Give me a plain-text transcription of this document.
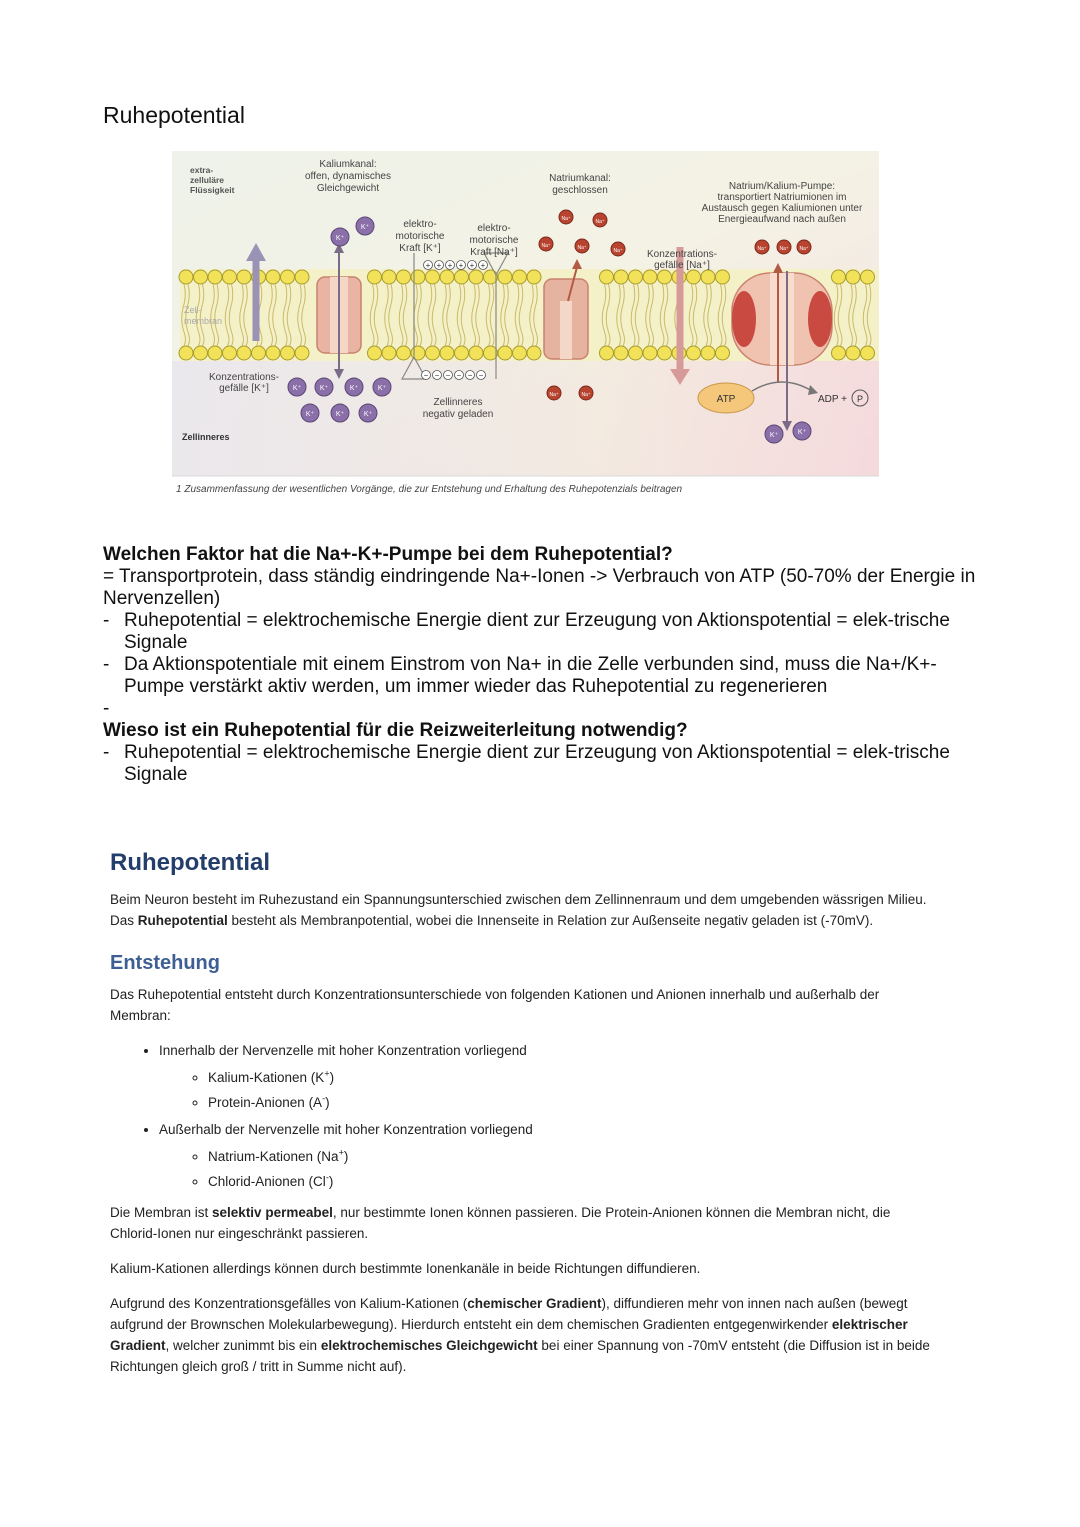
Ruhepotential
+ + + + + +
− − − − − −
K⁺
K⁺
K⁺	K⁺	K⁺	K⁺
K⁺	K⁺	K⁺
K⁺	K⁺
Na⁺	Na⁺
Na⁺	Na⁺	Na⁺
Na⁺	Na⁺
Na⁺	Na⁺ Na⁺
ATP	ADP + P
extra-
zelluläre
Flüssigkeit
Kaliumkanal:
offen, dynamisches
Gleichgewicht
elektro-
motorische
Kraft [K⁺]
elektro-
motorische
Kraft [Na⁺]
Natriumkanal:
geschlossen	Natrium/Kalium-Pumpe:
transportiert Natriumionen im
Austausch gegen Kaliumionen unter
Energieaufwand nach außen
Konzentrations-
gefälle [Na⁺]
Zell-
membran
Konzentrations-
gefälle [K⁺]
Zellinneres
negativ geladen
Zellinneres
1 Zusammenfassung der wesentlichen Vorgänge, die zur Entstehung und Erhaltung des Ruhepotenzials beitragen
Welchen Faktor hat die Na+-K+-Pumpe bei dem Ruhepotential?
= Transportprotein, dass ständig eindringende Na+-Ionen -> Verbrauch von ATP (50-70% der Energie in Nervenzellen)
- Ruhepotential = elektrochemische Energie dient zur Erzeugung von Aktionspotential = elek-trische Signale
- Da Aktionspotentiale mit einem Einstrom von Na+ in die Zelle verbunden sind, muss die Na+/K+-Pumpe verstärkt aktiv werden, um immer wieder das Ruhepotential zu regenerieren
-
Wieso ist ein Ruhepotential für die Reizweiterleitung notwendig?
- Ruhepotential = elektrochemische Energie dient zur Erzeugung von Aktionspotential = elek-trische Signale
Ruhepotential

Beim Neuron besteht im Ruhezustand ein Spannungsunterschied zwischen dem Zellinnenraum und dem umgebenden wässrigen Milieu. Das Ruhepotential besteht als Membranpotential, wobei die Innenseite in Relation zur Außenseite negativ geladen ist (-70mV).

Entstehung

Das Ruhepotential entsteht durch Konzentrationsunterschiede von folgenden Kationen und Anionen innerhalb und außerhalb der Membran:

• Innerhalb der Nervenzelle mit hoher Konzentration vorliegend
◦ Kalium-Kationen (K+)
◦ Protein-Anionen (A-)
• Außerhalb der Nervenzelle mit hoher Konzentration vorliegend
◦ Natrium-Kationen (Na+)
◦ Chlorid-Anionen (Cl-)

Die Membran ist selektiv permeabel, nur bestimmte Ionen können passieren. Die Protein-Anionen können die Membran nicht, die Chlorid-Ionen nur eingeschränkt passieren.

Kalium-Kationen allerdings können durch bestimmte Ionenkanäle in beide Richtungen diffundieren.

Aufgrund des Konzentrationsgefälles von Kalium-Kationen (chemischer Gradient), diffundieren mehr von innen nach außen (bewegt aufgrund der Brownschen Molekularbewegung). Hierdurch entsteht ein dem chemischen Gradienten entgegenwirkender elektrischer Gradient, welcher zunimmt bis ein elektrochemisches Gleichgewicht bei einer Spannung von -70mV entsteht (die Diffusion ist in beide Richtungen gleich groß / tritt in Summe nicht auf).
